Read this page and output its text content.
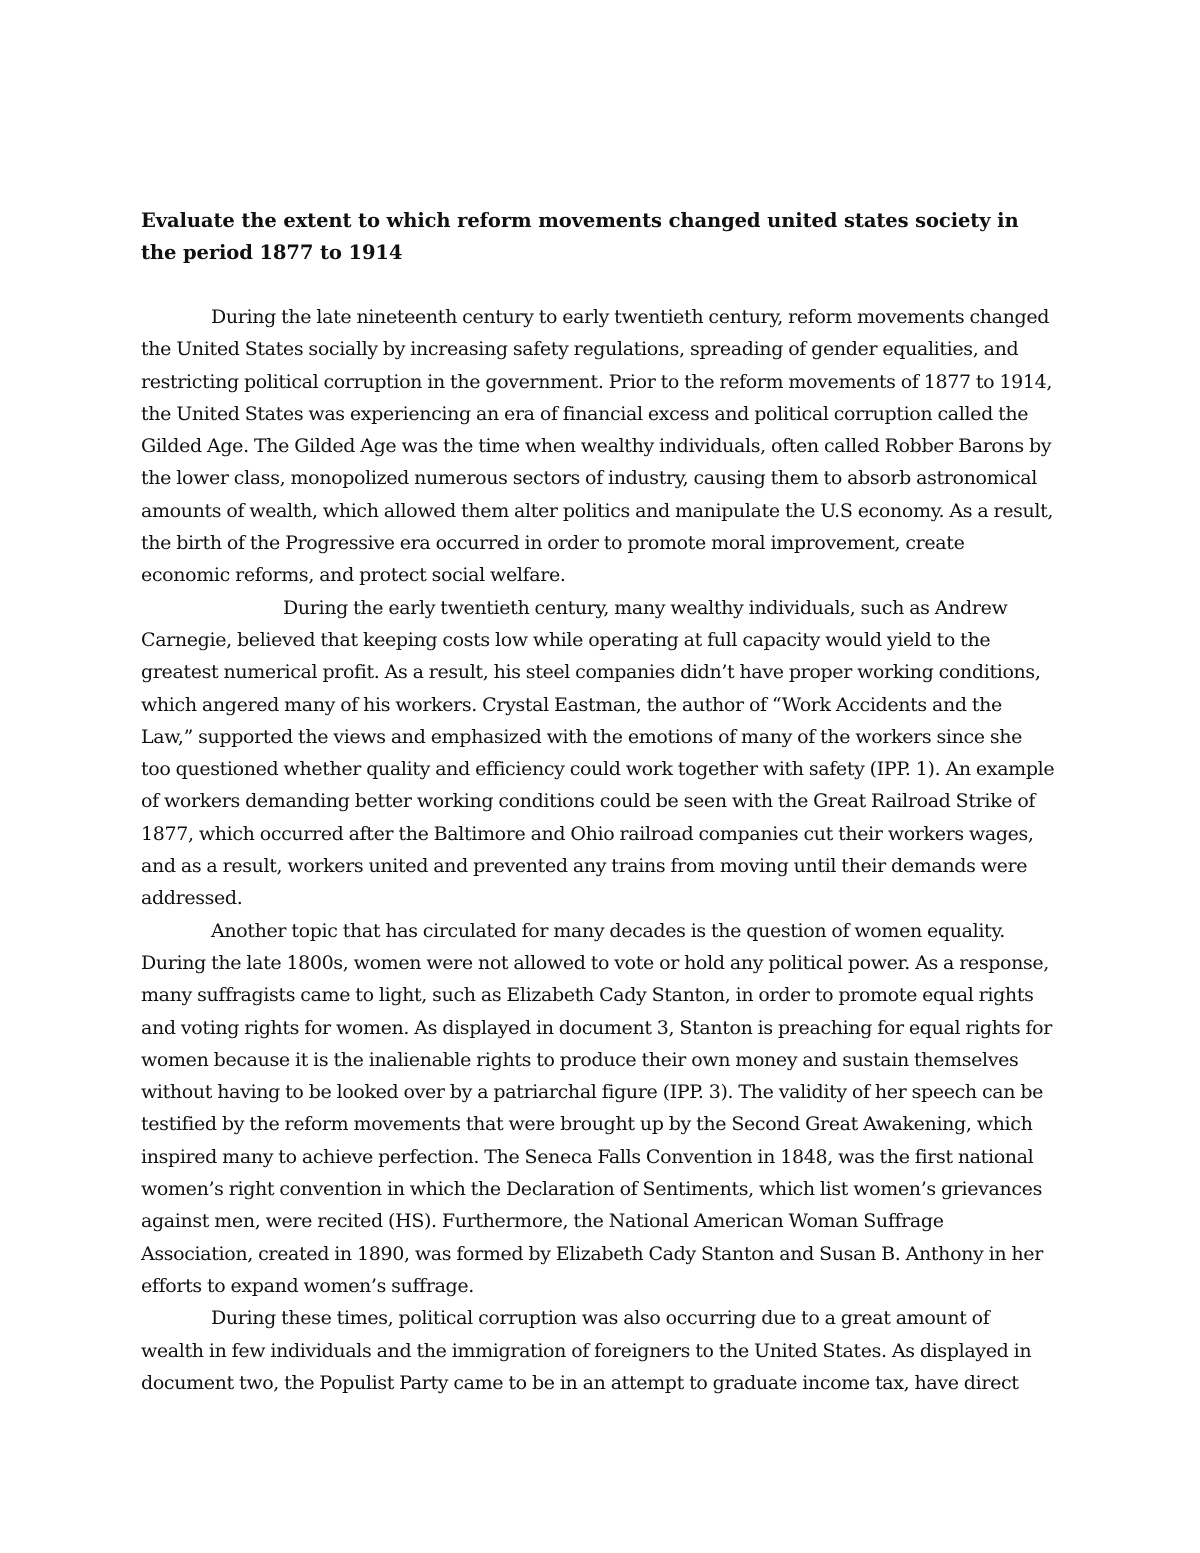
Evaluate the extent to which reform movements changed united states society in the period 1877 to 1914

During the late nineteenth century to early twentieth century, reform movements changed the United States socially by increasing safety regulations, spreading of gender equalities, and restricting political corruption in the government. Prior to the reform movements of 1877 to 1914, the United States was experiencing an era of financial excess and political corruption called the Gilded Age. The Gilded Age was the time when wealthy individuals, often called Robber Barons by the lower class, monopolized numerous sectors of industry, causing them to absorb astronomical amounts of wealth, which allowed them alter politics and manipulate the U.S economy. As a result, the birth of the Progressive era occurred in order to promote moral improvement, create economic reforms, and protect social welfare.

During the early twentieth century, many wealthy individuals, such as Andrew Carnegie, believed that keeping costs low while operating at full capacity would yield to the greatest numerical profit. As a result, his steel companies didn’t have proper working conditions, which angered many of his workers. Crystal Eastman, the author of “Work Accidents and the Law,” supported the views and emphasized with the emotions of many of the workers since she too questioned whether quality and efficiency could work together with safety (IPP. 1). An example of workers demanding better working conditions could be seen with the Great Railroad Strike of 1877, which occurred after the Baltimore and Ohio railroad companies cut their workers wages, and as a result, workers united and prevented any trains from moving until their demands were addressed.

Another topic that has circulated for many decades is the question of women equality. During the late 1800s, women were not allowed to vote or hold any political power. As a response, many suffragists came to light, such as Elizabeth Cady Stanton, in order to promote equal rights and voting rights for women. As displayed in document 3, Stanton is preaching for equal rights for women because it is the inalienable rights to produce their own money and sustain themselves without having to be looked over by a patriarchal figure (IPP. 3). The validity of her speech can be testified by the reform movements that were brought up by the Second Great Awakening, which inspired many to achieve perfection. The Seneca Falls Convention in 1848, was the first national women’s right convention in which the Declaration of Sentiments, which list women’s grievances against men, were recited (HS). Furthermore, the National American Woman Suffrage Association, created in 1890, was formed by Elizabeth Cady Stanton and Susan B. Anthony in her efforts to expand women’s suffrage.

During these times, political corruption was also occurring due to a great amount of wealth in few individuals and the immigration of foreigners to the United States. As displayed in document two, the Populist Party came to be in an attempt to graduate income tax, have direct
